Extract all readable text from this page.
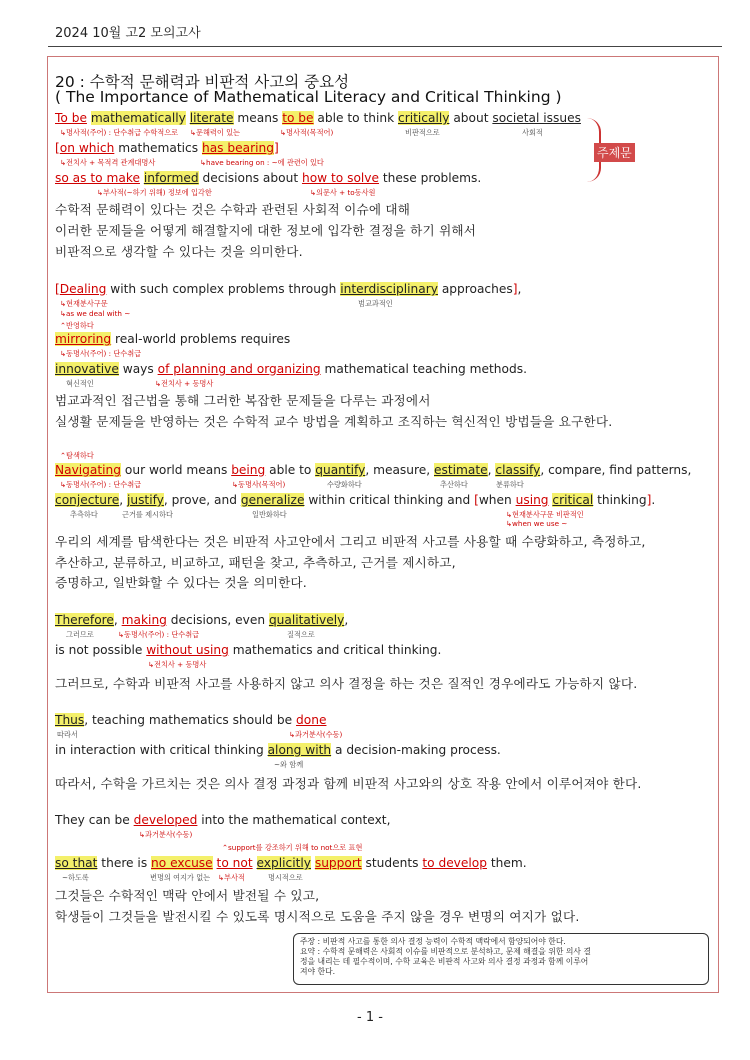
2024 10월 고2 모의고사
20 : 수학적 문해력과 비판적 사고의 중요성
( The Importance of Mathematical Literacy and Critical Thinking )
To be mathematically literate means to be able to think critically about societal issues
[on which mathematics has bearing]
so as to make informed decisions about how to solve these problems.
↳명사적(주어) : 단수취급 수학적으로 ↳문해력이 있는	↳명사적(목적어)	비판적으로	사회적
↳전치사 + 목적격 관계대명사	↳have bearing on : ~에 관련이 있다
↳부사적(~하기 위해) 정보에 입각한	↳의문사 + to동사원
수학적 문해력이 있다는 것은 수학과 관련된 사회적 이슈에 대해
이러한 문제들을 어떻게 해결할지에 대한 정보에 입각한 결정을 하기 위해서
비판적으로 생각할 수 있다는 것을 의미한다.
주제문
[Dealing with such complex problems through interdisciplinary approaches],
↳현재분사구문	범교과적인
↳as we deal with ~
⌃반영하다
mirroring real-world problems requires
↳동명사(주어) : 단수취급
innovative ways of planning and organizing mathematical teaching methods.
혁신적인	↳전치사 + 동명사
범교과적인 접근법을 통해 그러한 복잡한 문제들을 다루는 과정에서
실생활 문제들을 반영하는 것은 수학적 교수 방법을 계획하고 조직하는 혁신적인 방법들을 요구한다.
⌃탐색하다
Navigating our world means being able to quantify, measure, estimate, classify, compare, find patterns,
↳동명사(주어) : 단수취급	↳동명사(목적어)	수량화하다	추산하다	분류하다
conjecture, justify, prove, and generalize within critical thinking and [when using critical thinking].
추측하다	근거를 제시하다	일반화하다	↳현재분사구문 비판적인
↳when we use ~
우리의 세계를 탐색한다는 것은 비판적 사고안에서 그리고 비판적 사고를 사용할 때 수량화하고, 측정하고,
추산하고, 분류하고, 비교하고, 패턴을 찾고, 추측하고, 근거를 제시하고,
증명하고, 일반화할 수 있다는 것을 의미한다.
Therefore, making decisions, even qualitatively,
그러므로	↳동명사(주어) : 단수취급	질적으로
is not possible without using mathematics and critical thinking.
↳전치사 + 동명사
그러므로, 수학과 비판적 사고를 사용하지 않고 의사 결정을 하는 것은 질적인 경우에라도 가능하지 않다.
Thus, teaching mathematics should be done
따라서	↳과거분사(수동)
in interaction with critical thinking along with a decision-making process.
~와 함께
따라서, 수학을 가르치는 것은 의사 결정 과정과 함께 비판적 사고와의 상호 작용 안에서 이루어져야 한다.
They can be developed into the mathematical context,
↳과거분사(수동)
⌃support를 강조하기 위해 to not으로 표현
so that there is no excuse to not explicitly support students to develop them.
~하도록	변명의 여지가 없는 ↳부사적	명시적으로
그것들은 수학적인 맥락 안에서 발전될 수 있고,
학생들이 그것들을 발전시킬 수 있도록 명시적으로 도움을 주지 않을 경우 변명의 여지가 없다.
주장 : 비판적 사고를 통한 의사 결정 능력이 수학적 맥락에서 함양되어야 한다.
요약 : 수학적 문해력은 사회적 이슈를 비판적으로 분석하고, 문제 해결을 위한 의사 결
정을 내리는 데 필수적이며, 수학 교육은 비판적 사고와 의사 결정 과정과 함께 이루어
져야 한다.
- 1 -
